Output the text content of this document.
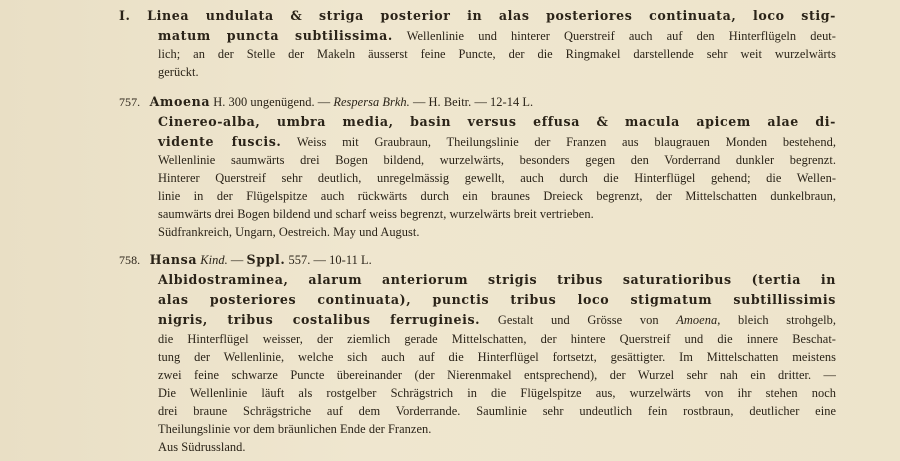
I. Linea undulata & striga posterior in alas posteriores continuata, loco stig-
matum puncta subtilissima. Wellenlinie und hinterer Querstreif auch auf den Hinterflügeln deut-
lich; an der Stelle der Makeln äusserst feine Puncte, der die Ringmakel darstellende sehr weit wurzelwärts
gerückt.
757. Amoena H. 300 ungenügend. — Respersa Brkh. — H. Beitr. — 12-14 L.
Cinereo-alba, umbra media, basin versus effusa & macula apicem alae di-
vidente fuscis. Weiss mit Graubraun, Theilungslinie der Franzen aus blaugrauen Monden bestehend,
Wellenlinie saumwärts drei Bogen bildend, wurzelwärts, besonders gegen den Vorderrand dunkler begrenzt.
Hinterer Querstreif sehr deutlich, unregelmässig gewellt, auch durch die Hinterflügel gehend; die Wellen-
linie in der Flügelspitze auch rückwärts durch ein braunes Dreieck begrenzt, der Mittelschatten dunkelbraun,
saumwärts drei Bogen bildend und scharf weiss begrenzt, wurzelwärts breit vertrieben.
Südfrankreich, Ungarn, Oestreich. May und August.
758. Hansa Kind. — Sppl. 557. — 10-11 L.
Albidostraminea, alarum anteriorum strigis tribus saturatioribus (tertia in
alas posteriores continuata), punctis tribus loco stigmatum subtillissimis
nigris, tribus costalibus ferrugineis. Gestalt und Grösse von Amoena, bleich strohgelb,
die Hinterflügel weisser, der ziemlich gerade Mittelschatten, der hintere Querstreif und die innere Beschat-
tung der Wellenlinie, welche sich auch auf die Hinterflügel fortsetzt, gesättigter. Im Mittelschatten meistens
zwei feine schwarze Puncte übereinander (der Nierenmakel entsprechend), der Wurzel sehr nah ein dritter. —
Die Wellenlinie läuft als rostgelber Schrägstrich in die Flügelspitze aus, wurzelwärts von ihr stehen noch
drei braune Schrägstriche auf dem Vorderrande. Saumlinie sehr undeutlich fein rostbraun, deutlicher eine
Theilungslinie vor dem bräunlichen Ende der Franzen.
Aus Südrussland.
